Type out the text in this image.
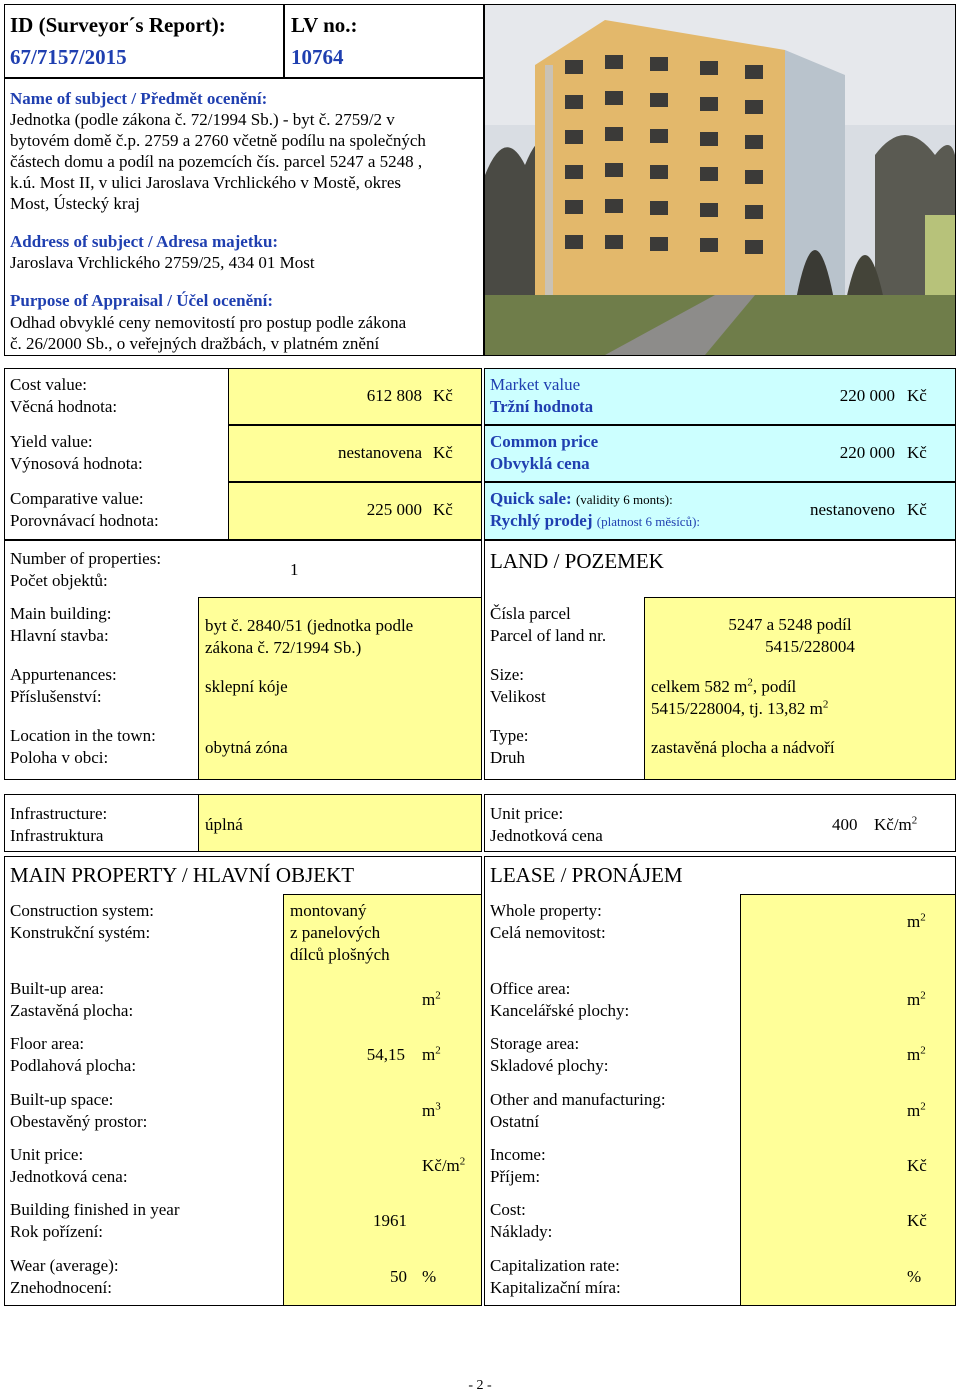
ID (Surveyor´s Report):
67/7157/2015
LV no.:
10764
Name of subject / Předmět ocenění:
Jednotka (podle zákona č. 72/1994 Sb.) - byt č. 2759/2 v
bytovém domě č.p. 2759 a 2760 včetně podílu na společných
částech domu a podíl na pozemcích čís. parcel 5247 a 5248 ,
k.ú. Most II, v ulici Jaroslava Vrchlického v Mostě, okres
Most, Ústecký kraj
Address of subject / Adresa majetku:
Jaroslava Vrchlického 2759/25, 434 01 Most
Purpose of Appraisal / Účel ocenění:
Odhad obvyklé ceny nemovitostí pro postup podle zákona
č. 26/2000 Sb., o veřejných dražbách, v platném znění
Cost value:
Věcná hodnota:
612 808 Kč
Yield value:
Výnosová hodnota:
nestanovena Kč
Comparative value:
Porovnávací hodnota:
225 000 Kč
Market value
Tržní hodnota
220 000 Kč
Common price
Obvyklá cena
220 000 Kč
Quick sale: (validity 6 monts):
Rychlý prodej (platnost 6 měsíců):
nestanoveno Kč
Number of properties:
Počet objektů:
1
Main building:
Hlavní stavba:
byt č. 2840/51 (jednotka podle
zákona č. 72/1994 Sb.)
Appurtenances:
Příslušenství:
sklepní kóje
Location in the town:
Poloha v obci:
obytná zóna
LAND / POZEMEK
Čísla parcel
Parcel of land nr.
5247 a 5248 podíl
5415/228004
Size:
Velikost
celkem 582 $m^2$, podíl
5415/228004, tj. 13,82 $m^2$
Type:
Druh
zastavěná plocha a nádvoří
Infrastructure:
Infrastruktura
úplná
Unit price:
Jednotková cena
400 $Kč/m^2$
MAIN PROPERTY / HLAVNÍ OBJEKT
Construction system:
Konstrukční systém:
montovaný
z panelových
dílců plošných
Built-up area:
Zastavěná plocha:
$m^2$
Floor area:
Podlahová plocha:
54,15 $m^2$
Built-up space:
Obestavěný prostor:
$m^3$
Unit price:
Jednotková cena:
$Kč/m^2$
Building finished in year
Rok pořízení:
1961
Wear (average):
Znehodnocení:
50 %
LEASE / PRONÁJEM
Whole property:
Celá nemovitost:
$m^2$
Office area:
Kancelářské plochy:
$m^2$
Storage area:
Skladové plochy:
$m^2$
Other and manufacturing:
Ostatní
$m^2$
Income:
Příjem:
Kč
Cost:
Náklady:
Kč
Capitalization rate:
Kapitalizační míra:
%
- 2 -
